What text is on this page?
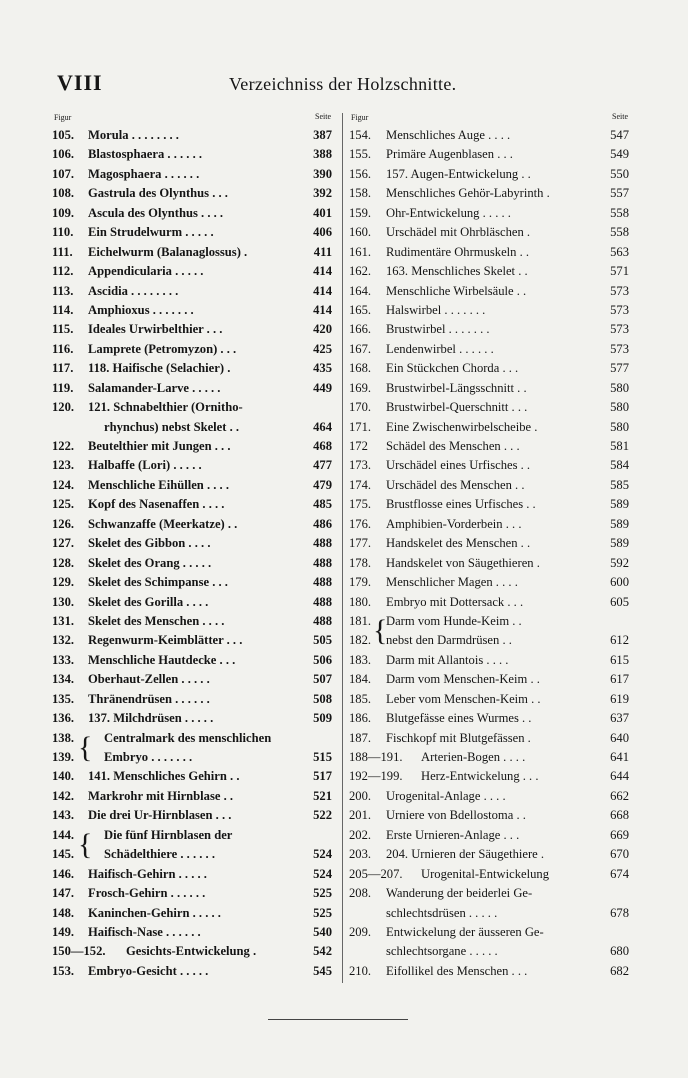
VIII	Verzeichniss der Holzschnitte.
Figur	Seite
105. Morula . . . . . . . .	387
106. Blastosphaera . . . . . .	388
107. Magosphaera . . . . . .	390
108. Gastrula des Olynthus . . .	392
109. Ascula des Olynthus . . . .	401
110. Ein Strudelwurm . . . . .	406
111. Eichelwurm (Balanaglossus) .	411
112. Appendicularia . . . . .	414
113. Ascidia . . . . . . . .	414
114. Amphioxus . . . . . . .	414
115. Ideales Urwirbelthier . . .	420
116. Lamprete (Petromyzon) . . .	425
117. 118. Haifische (Selachier) .	435
119. Salamander-Larve . . . . .	449
120. 121. Schnabelthier (Ornitho-
rhynchus) nebst Skelet . .	464
122. Beutelthier mit Jungen . . .	468
123. Halbaffe (Lori) . . . . .	477
124. Menschliche Eihüllen . . . .	479
125. Kopf des Nasenaffen . . . .	485
126. Schwanzaffe (Meerkatze) . .	486
127. Skelet des Gibbon . . . .	488
128. Skelet des Orang . . . . .	488
129. Skelet des Schimpanse . . .	488
130. Skelet des Gorilla . . . .	488
131. Skelet des Menschen . . . .	488
132. Regenwurm-Keimblätter . . .	505
133. Menschliche Hautdecke . . .	506
134. Oberhaut-Zellen . . . . .	507
135. Thränendrüsen . . . . . .	508
136. 137. Milchdrüsen . . . . .	509
138. Centralmark des menschlichen
{
139. Embryo . . . . . . .	515
140. 141. Menschliches Gehirn . .	517
142. Markrohr mit Hirnblase . .	521
143. Die drei Ur-Hirnblasen . . .	522
144. Die fünf Hirnblasen der
{
145. Schädelthiere . . . . . .	524
146. Haifisch-Gehirn . . . . .	524
147. Frosch-Gehirn . . . . . .	525
148. Kaninchen-Gehirn . . . . .	525
149. Haifisch-Nase . . . . . .	540
150—152. Gesichts-Entwickelung .	542
153. Embryo-Gesicht . . . . .	545
Figur	Seite
154. Menschliches Auge . . . .	547
155. Primäre Augenblasen . . .	549
156. 157. Augen-Entwickelung . .	550
158. Menschliches Gehör-Labyrinth .	557
159. Ohr-Entwickelung . . . . .	558
160. Urschädel mit Ohrbläschen .	558
161. Rudimentäre Ohrmuskeln . .	563
162. 163. Menschliches Skelet . .	571
164. Menschliche Wirbelsäule . .	573
165. Halswirbel . . . . . . .	573
166. Brustwirbel . . . . . . .	573
167. Lendenwirbel . . . . . .	573
168. Ein Stückchen Chorda . . .	577
169. Brustwirbel-Längsschnitt . .	580
170. Brustwirbel-Querschnitt . . .	580
171. Eine Zwischenwirbelscheibe .	580
172 Schädel des Menschen . . .	581
173. Urschädel eines Urfisches . .	584
174. Urschädel des Menschen . .	585
175. Brustflosse eines Urfisches . .	589
176. Amphibien-Vorderbein . . .	589
177. Handskelet des Menschen . .	589
178. Handskelet von Säugethieren .	592
179. Menschlicher Magen . . . .	600
180. Embryo mit Dottersack . . .	605
181. Darm vom Hunde-Keim . .
{
182. nebst den Darmdrüsen . .	612
183. Darm mit Allantois . . . .	615
184. Darm vom Menschen-Keim . .	617
185. Leber vom Menschen-Keim . .	619
186. Blutgefässe eines Wurmes . .	637
187. Fischkopf mit Blutgefässen .	640
188—191. Arterien-Bogen . . . .	641
192—199. Herz-Entwickelung . . .	644
200. Urogenital-Anlage . . . .	662
201. Urniere von Bdellostoma . .	668
202. Erste Urnieren-Anlage . . .	669
203. 204. Urnieren der Säugethiere .	670
205—207. Urogenital-Entwickelung	674
208. Wanderung der beiderlei Ge-
schlechtsdrüsen . . . . .	678
209. Entwickelung der äusseren Ge-
schlechtsorgane . . . . .	680
210. Eifollikel des Menschen . . .	682
